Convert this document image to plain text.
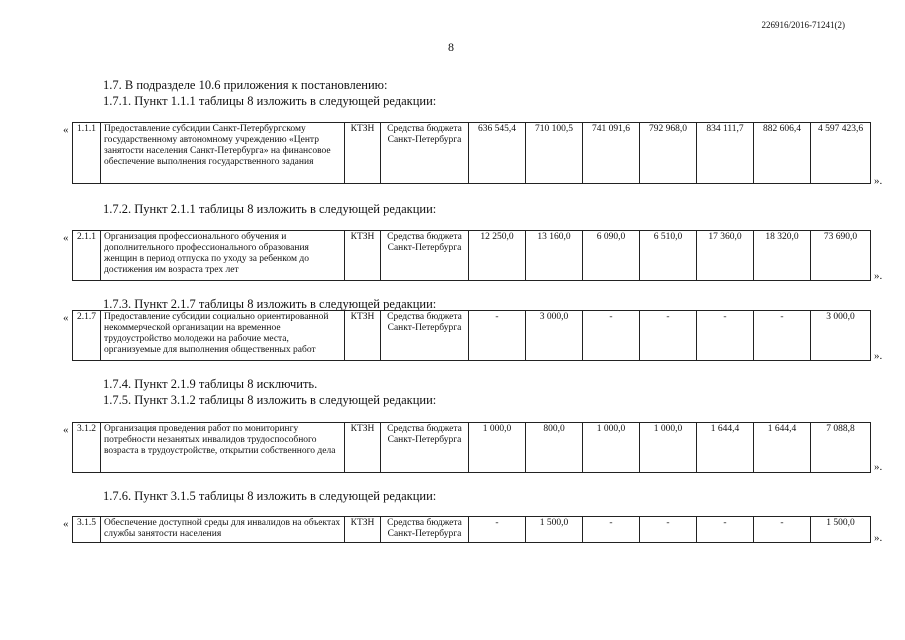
226916/2016-71241(2)
8
1.7. В подразделе 10.6 приложения к постановлению:
1.7.1. Пункт 1.1.1 таблицы 8 изложить в следующей редакции:
« 1.1.1	Предоставление субсидии Санкт-Петербургскому государственному автономному учреждению «Центр занятости населения Санкт-Петербурга» на финансовое обеспечение выполнения государственного задания	КТЗН	Средства бюджета Санкт-Петербурга	636 545,4	710 100,5	741 091,6	792 968,0	834 111,7	882 606,4	4 597 423,6
».
1.7.2. Пункт 2.1.1 таблицы 8 изложить в следующей редакции:
« 2.1.1	Организация профессионального обучения и дополнительного профессионального образования женщин в период отпуска по уходу за ребенком до достижения им возраста трех лет	КТЗН	Средства бюджета Санкт-Петербурга	12 250,0	13 160,0	6 090,0	6 510,0	17 360,0	18 320,0	73 690,0
».
1.7.3. Пункт 2.1.7 таблицы 8 изложить в следующей редакции:
« 2.1.7	Предоставление субсидии социально ориентированной некоммерческой организации на временное трудоустройство молодежи на рабочие места, организуемые для выполнения общественных работ	КТЗН	Средства бюджета Санкт-Петербурга	-	3 000,0	-	-	-	-	3 000,0
».
1.7.4. Пункт 2.1.9 таблицы 8 исключить.
1.7.5. Пункт 3.1.2 таблицы 8 изложить в следующей редакции:
« 3.1.2	Организация проведения работ по мониторингу потребности незанятых инвалидов трудоспособного возраста в трудоустройстве, открытии собственного дела	КТЗН	Средства бюджета Санкт-Петербурга	1 000,0	800,0	1 000,0	1 000,0	1 644,4	1 644,4	7 088,8
».
1.7.6. Пункт 3.1.5 таблицы 8 изложить в следующей редакции:
« 3.1.5	Обеспечение доступной среды для инвалидов на объектах службы занятости населения	КТЗН	Средства бюджета Санкт-Петербурга	-	1 500,0	-	-	-	-	1 500,0
».
